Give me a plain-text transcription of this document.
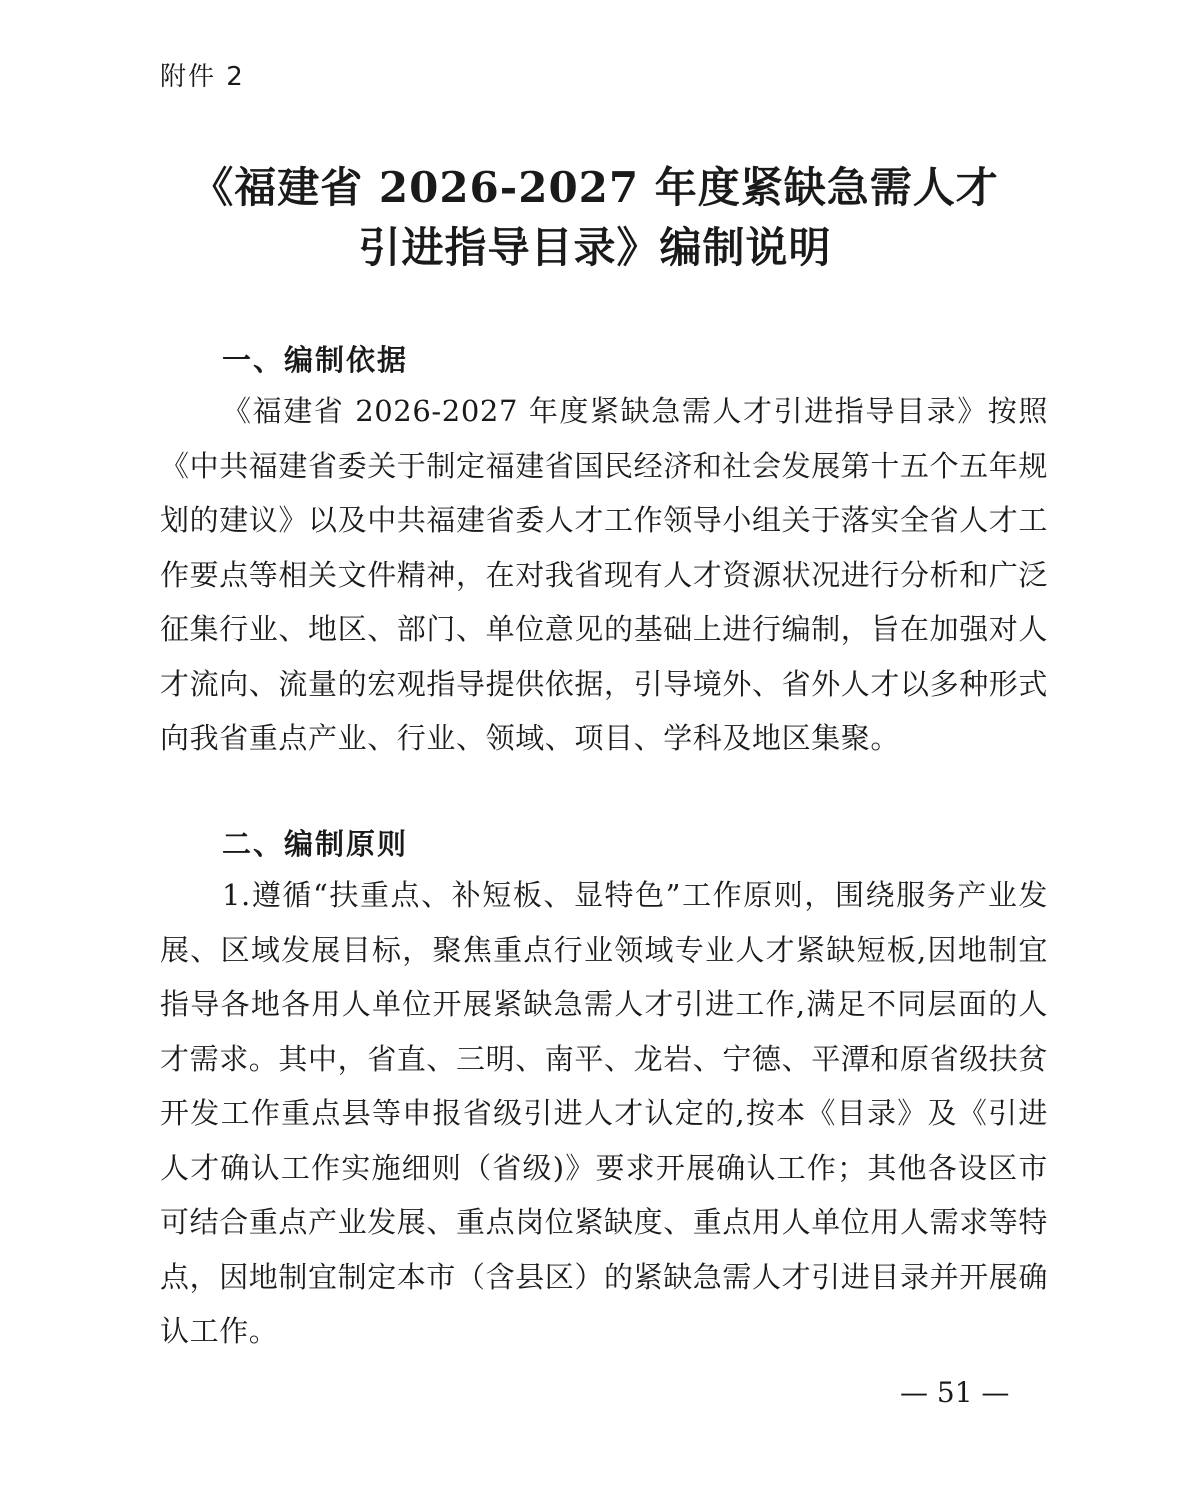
附件 2

《福建省 2026-2027 年度紧缺急需人才
引进指导目录》编制说明
一、编制依据

《福建省 2026-2027 年度紧缺急需人才引进指导目录》按照《中共福建省委关于制定福建省国民经济和社会发展第十五个五年规划的建议》以及中共福建省委人才工作领导小组关于落实全省人才工作要点等相关文件精神，在对我省现有人才资源状况进行分析和广泛征集行业、地区、部门、单位意见的基础上进行编制，旨在加强对人才流向、流量的宏观指导提供依据，引导境外、省外人才以多种形式向我省重点产业、行业、领域、项目、学科及地区集聚。

二、编制原则

1.遵循“扶重点、补短板、显特色”工作原则，围绕服务产业发展、区域发展目标，聚焦重点行业领域专业人才紧缺短板,因地制宜指导各地各用人单位开展紧缺急需人才引进工作,满足不同层面的人才需求。其中，省直、三明、南平、龙岩、宁德、平潭和原省级扶贫开发工作重点县等申报省级引进人才认定的,按本《目录》及《引进人才确认工作实施细则（省级)》要求开展确认工作；其他各设区市可结合重点产业发展、重点岗位紧缺度、重点用人单位用人需求等特点，因地制宜制定本市（含县区）的紧缺急需人才引进目录并开展确认工作。

— 51 —
